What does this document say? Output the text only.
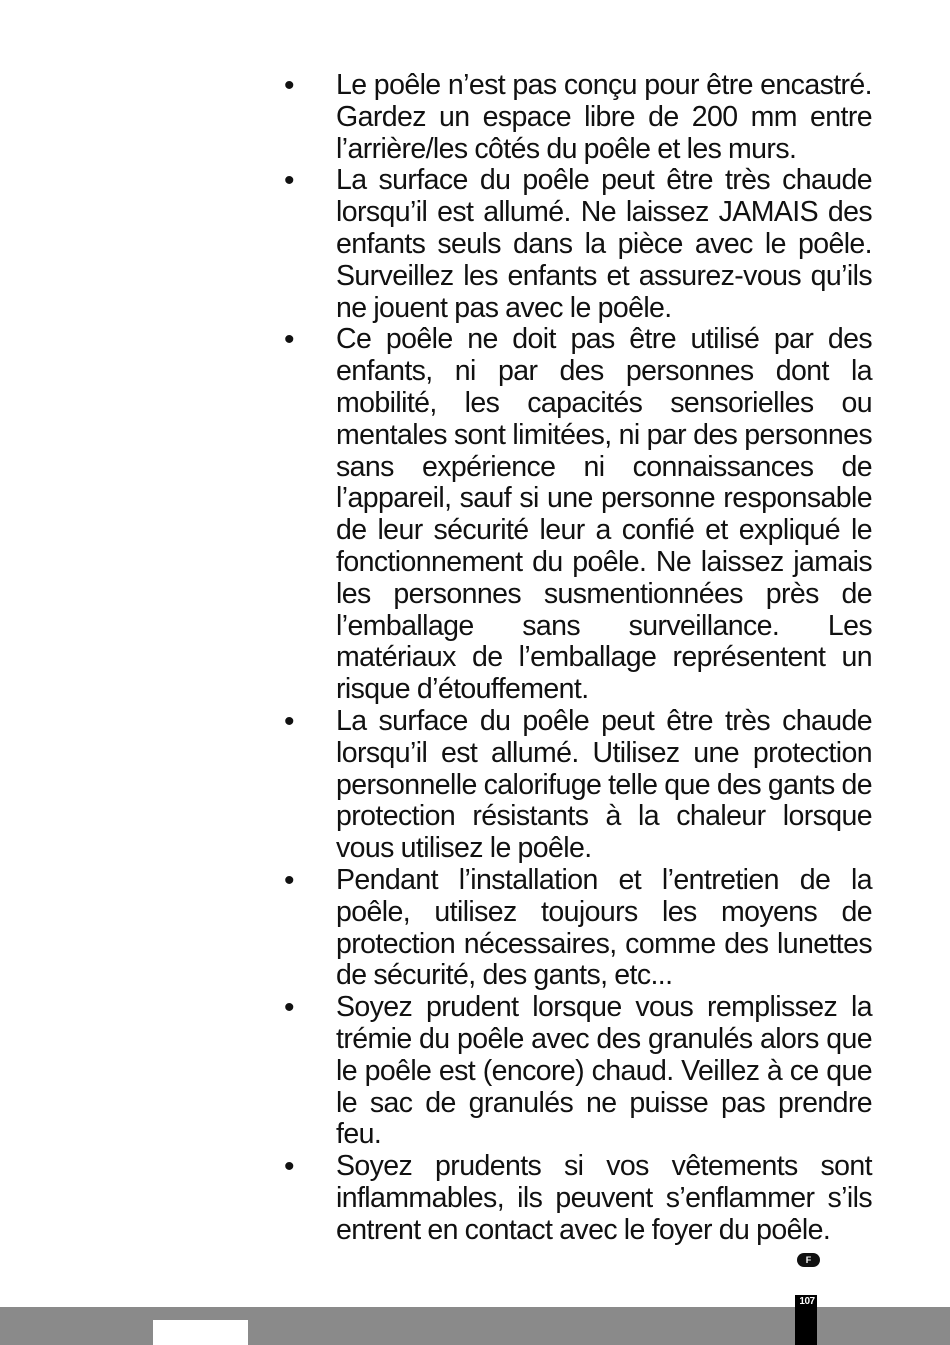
•	Le poêle n’est pas conçu pour être encastré. Gardez un espace libre de 200 mm entre l’arrière/les côtés du poêle et les murs.
•	La surface du poêle peut être très chaude lorsqu’il est allumé. Ne laissez JAMAIS des enfants seuls dans la pièce avec le poêle. Surveillez les enfants et assurez-vous qu’ils ne jouent pas avec le poêle.
•	Ce poêle ne doit pas être utilisé par des enfants, ni par des personnes dont la mobilité, les capacités sensorielles ou mentales sont limitées, ni par des personnes sans expérience ni connaissances de l’appareil, sauf si une personne responsable de leur sécurité leur a confié et expliqué le fonctionnement du poêle. Ne laissez jamais les personnes susmentionnées près de l’emballage sans surveillance. Les matériaux de l’emballage représentent un risque d’étouffement.
•	La surface du poêle peut être très chaude lorsqu’il est allumé. Utilisez une protection personnelle calorifuge telle que des gants de protection résistants à la chaleur lorsque vous utilisez le poêle.
•	Pendant l’installation et l’entretien de la poêle, utilisez toujours les moyens de protection nécessaires, comme des lunettes de sécurité, des gants, etc...
•	Soyez prudent lorsque vous remplissez la trémie du poêle avec des granulés alors que le poêle est (encore) chaud. Veillez à ce que le sac de granulés ne puisse pas prendre feu.
•	Soyez prudents si vos vêtements sont inflammables, ils peuvent s’enflammer s’ils entrent en contact avec le foyer du poêle.
F
107
